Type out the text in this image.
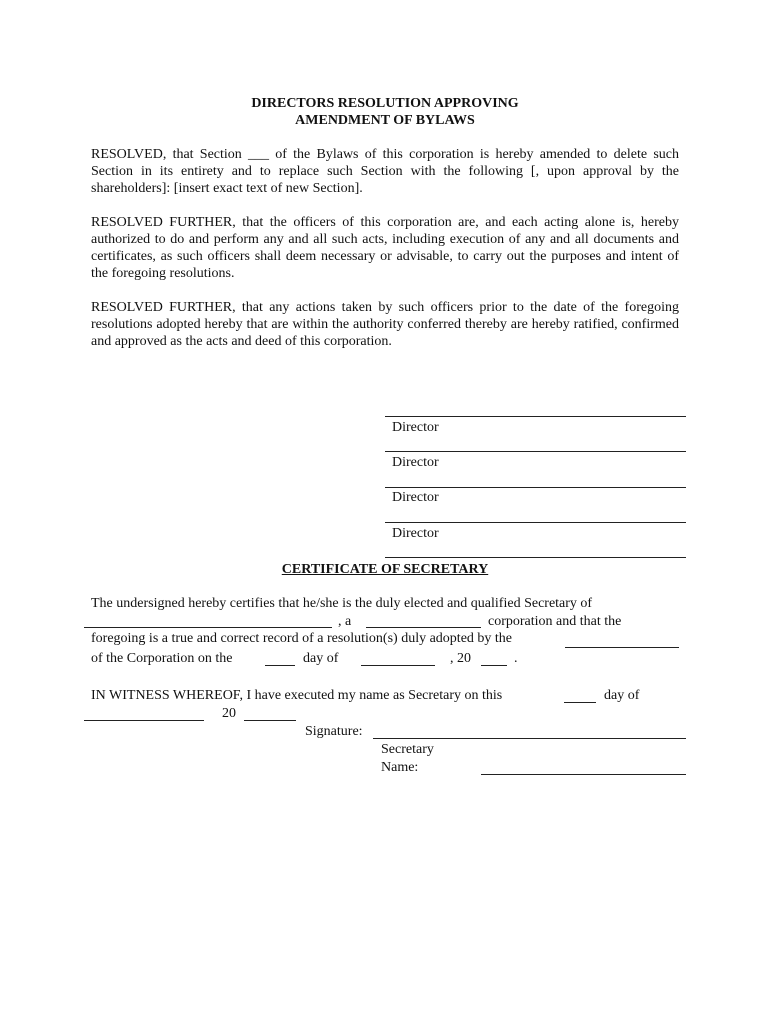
DIRECTORS RESOLUTION APPROVING
AMENDMENT OF BYLAWS
RESOLVED, that Section ___ of the Bylaws of this corporation is hereby amended to delete such Section in its entirety and to replace such Section with the following [, upon approval by the shareholders]: [insert exact text of new Section].
RESOLVED FURTHER, that the officers of this corporation are, and each acting alone is, hereby authorized to do and perform any and all such acts, including execution of any and all documents and certificates, as such officers shall deem necessary or advisable, to carry out the purposes and intent of the foregoing resolutions.
RESOLVED FURTHER, that any actions taken by such officers prior to the date of the foregoing resolutions adopted hereby that are within the authority conferred thereby are hereby ratified, confirmed and approved as the acts and deed of this corporation.
Director
Director
Director
Director
CERTIFICATE OF SECRETARY
The undersigned hereby certifies that he/she is the duly elected and qualified Secretary of
, a	corporation and that the
foregoing is a true and correct record of a resolution(s) duly adopted by the
of the Corporation on the	day of	, 20	.
IN WITNESS WHEREOF, I have executed my name as Secretary on this	day of
20
Signature:
Secretary
Name:
